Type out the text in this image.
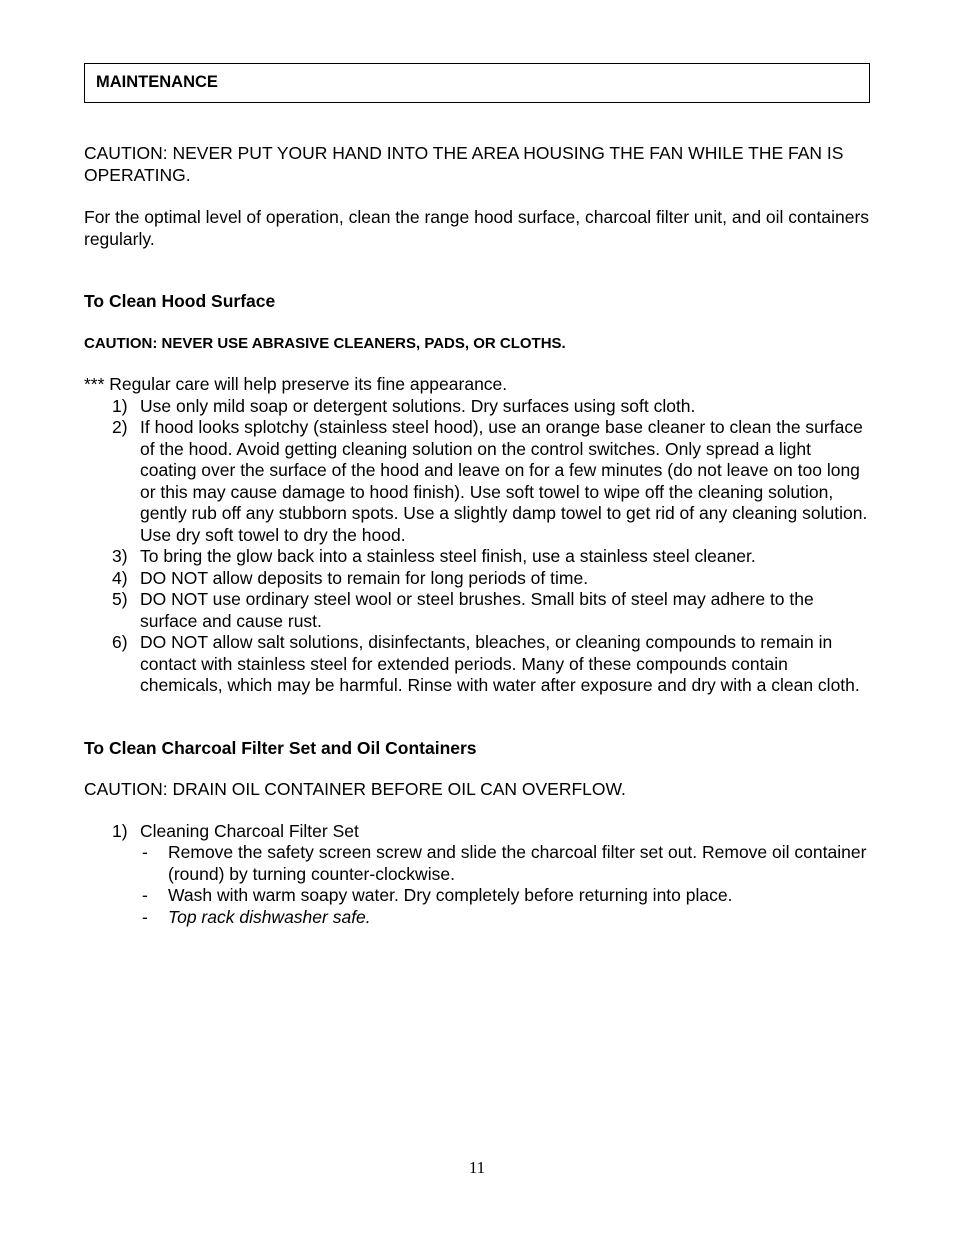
MAINTENANCE

CAUTION: NEVER PUT YOUR HAND INTO THE AREA HOUSING THE FAN WHILE THE FAN IS OPERATING.

For the optimal level of operation, clean the range hood surface, charcoal filter unit, and oil containers regularly.

To Clean Hood Surface

CAUTION: NEVER USE ABRASIVE CLEANERS, PADS, OR CLOTHS.

*** Regular care will help preserve its fine appearance.

1) Use only mild soap or detergent solutions. Dry surfaces using soft cloth.
2) If hood looks splotchy (stainless steel hood), use an orange base cleaner to clean the surface of the hood. Avoid getting cleaning solution on the control switches. Only spread a light coating over the surface of the hood and leave on for a few minutes (do not leave on too long or this may cause damage to hood finish). Use soft towel to wipe off the cleaning solution, gently rub off any stubborn spots. Use a slightly damp towel to get rid of any cleaning solution. Use dry soft towel to dry the hood.
3) To bring the glow back into a stainless steel finish, use a stainless steel cleaner.
4) DO NOT allow deposits to remain for long periods of time.
5) DO NOT use ordinary steel wool or steel brushes. Small bits of steel may adhere to the surface and cause rust.
6) DO NOT allow salt solutions, disinfectants, bleaches, or cleaning compounds to remain in contact with stainless steel for extended periods. Many of these compounds contain chemicals, which may be harmful. Rinse with water after exposure and dry with a clean cloth.

To Clean Charcoal Filter Set and Oil Containers

CAUTION: DRAIN OIL CONTAINER BEFORE OIL CAN OVERFLOW.

1) Cleaning Charcoal Filter Set
- Remove the safety screen screw and slide the charcoal filter set out. Remove oil container (round) by turning counter-clockwise.
- Wash with warm soapy water. Dry completely before returning into place.
- Top rack dishwasher safe.
11
